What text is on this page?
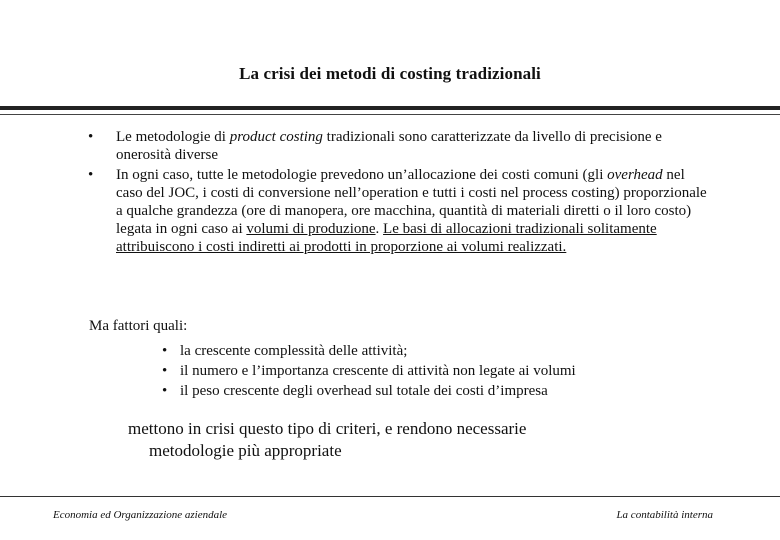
La crisi dei metodi di costing tradizionali
• Le metodologie di product costing tradizionali sono caratterizzate da livello di precisione e onerosità diverse
• In ogni caso, tutte le metodologie prevedono un’allocazione dei costi comuni (gli overhead nel caso del JOC, i costi di conversione nell’operation e tutti i costi nel process costing) proporzionale a qualche grandezza (ore di manopera, ore macchina, quantità di materiali diretti o il loro costo) legata in ogni caso ai volumi di produzione. Le basi di allocazioni tradizionali solitamente attribuiscono i costi indiretti ai prodotti in proporzione ai volumi realizzati.
Ma fattori quali:
• la crescente complessità delle attività;
• il numero e l’importanza crescente di attività non legate ai volumi
• il peso crescente degli overhead sul totale dei costi d’impresa
mettono in crisi questo tipo di criteri, e rendono necessarie
metodologie più appropriate
Economia ed Organizzazione aziendale	La contabilità interna
